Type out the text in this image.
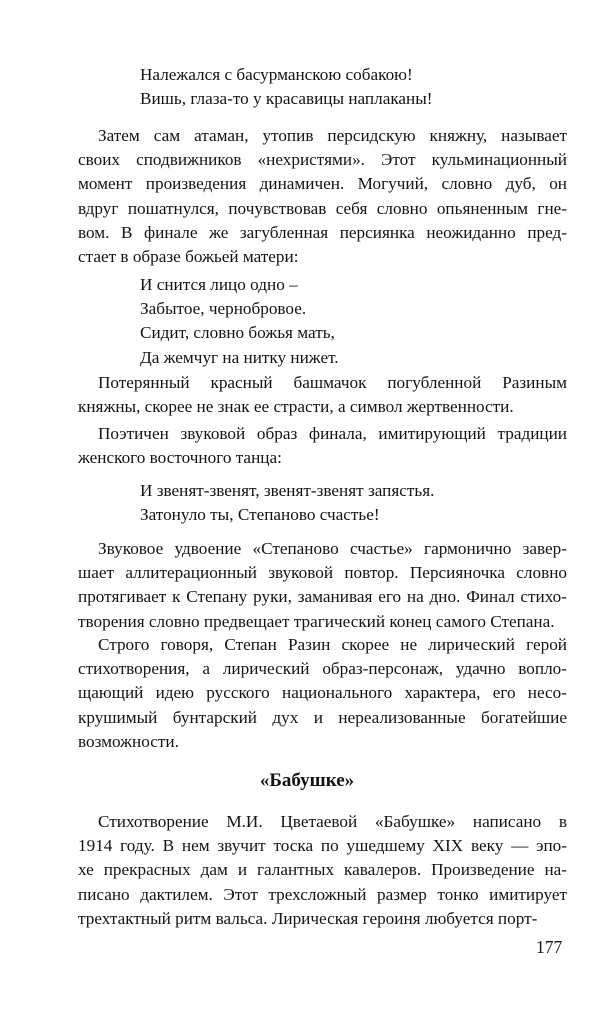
Належался с басурманскою собакою!
Вишь, глаза-то у красавицы наплаканы!
Затем сам атаман, утопив персидскую княжну, называет
своих сподвижников «нехристями». Этот кульминационный
момент произведения динамичен. Могучий, словно дуб, он
вдруг пошатнулся, почувствовав себя словно опьяненным гне-
вом. В финале же загубленная персиянка неожиданно пред-
стает в образе божьей матери:
И снится лицо одно –
Забытое, чернобровое.
Сидит, словно божья мать,
Да жемчуг на нитку нижет.
Потерянный красный башмачок погубленной Разиным
княжны, скорее не знак ее страсти, а символ жертвенности.
Поэтичен звуковой образ финала, имитирующий традиции
женского восточного танца:
И звенят-звенят, звенят-звенят запястья.
Затонуло ты, Степаново счастье!
Звуковое удвоение «Степаново счастье» гармонично завер-
шает аллитерационный звуковой повтор. Персияночка словно
протягивает к Степану руки, заманивая его на дно. Финал стихо-
творения словно предвещает трагический конец самого Степана.
Строго говоря, Степан Разин скорее не лирический герой
стихотворения, а лирический образ-персонаж, удачно вопло-
щающий идею русского национального характера, его несо-
крушимый бунтарский дух и нереализованные богатейшие
возможности.
Стихотворение М.И. Цветаевой «Бабушке» написано в
1914 году. В нем звучит тоска по ушедшему XIX веку — эпо-
хе прекрасных дам и галантных кавалеров. Произведение на-
писано дактилем. Этот трехсложный размер тонко имитирует
трехтактный ритм вальса. Лирическая героиня любуется порт-
«Бабушке»
177
